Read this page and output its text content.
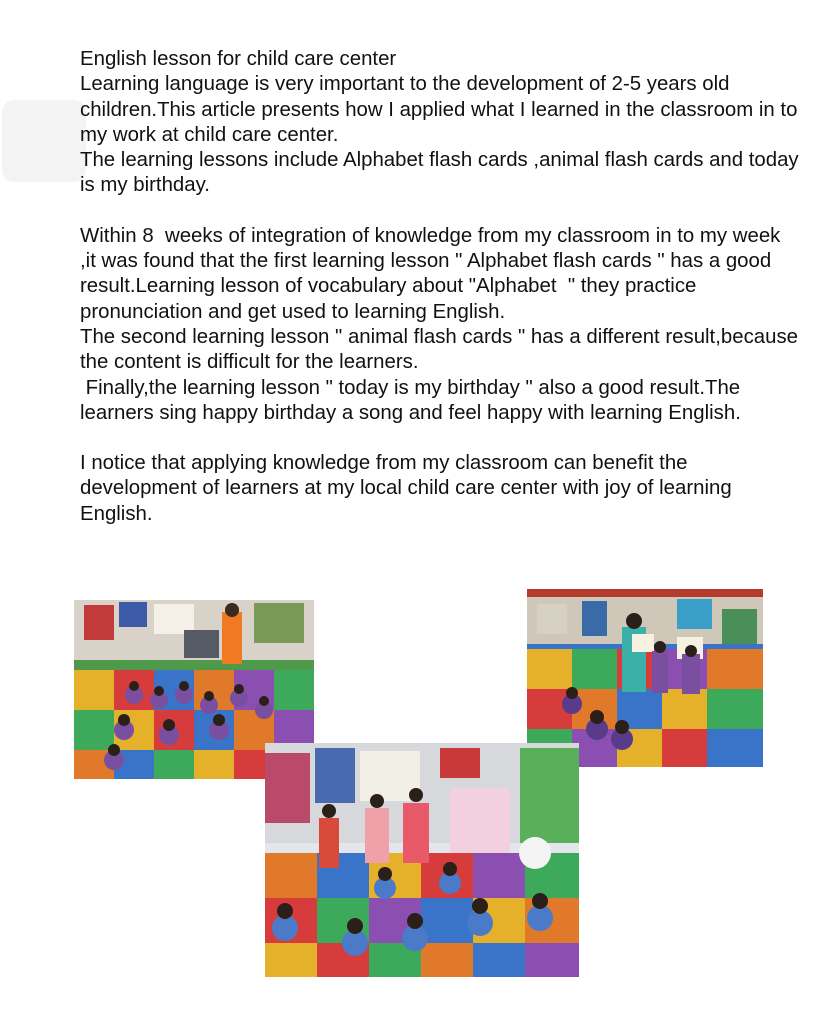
English lesson for child care center

Learning language is very important to the development of 2-5 years old children.This article presents how I applied what I learned in the classroom in to my work at child care center.

The learning lessons include Alphabet flash cards ,animal flash cards and today is my birthday.

Within 8  weeks of integration of knowledge from my classroom in to my week ,it was found that the first learning lesson " Alphabet flash cards " has a good result.Learning lesson of vocabulary about "Alphabet  " they practice pronunciation and get used to learning English.

The second learning lesson " animal flash cards " has a different result,because the content is difficult for the learners.

Finally,the learning lesson " today is my birthday " also a good result.The learners sing happy birthday a song and feel happy with learning English.

I notice that applying knowledge from my classroom can benefit the development of learners at my local child care center with joy of learning English.
